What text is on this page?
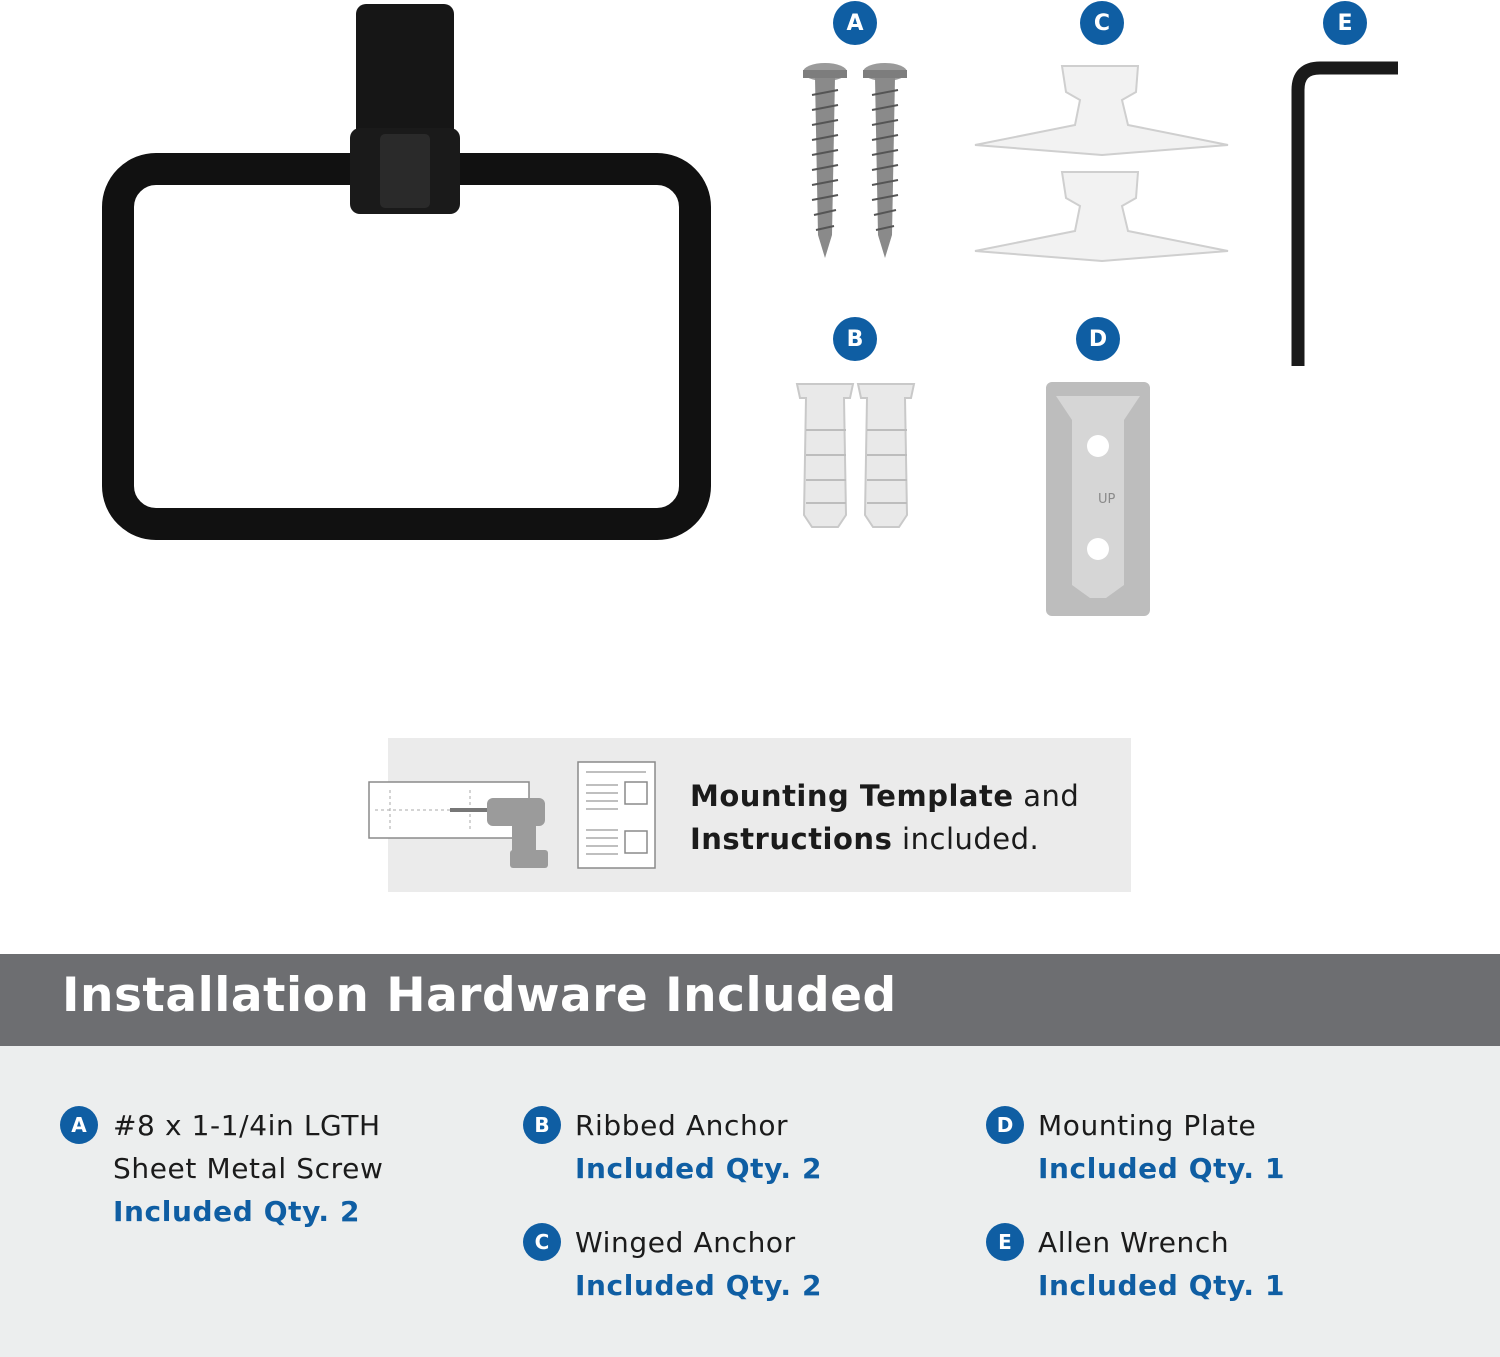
UP
A	C	E
B	D
Mounting Template and
Instructions included.
Installation Hardware Included
A #8 x 1-1/4in LGTH
Sheet Metal Screw
Included Qty. 2
B Ribbed Anchor
Included Qty. 2
C Winged Anchor
Included Qty. 2
D Mounting Plate
Included Qty. 1
E Allen Wrench
Included Qty. 1
